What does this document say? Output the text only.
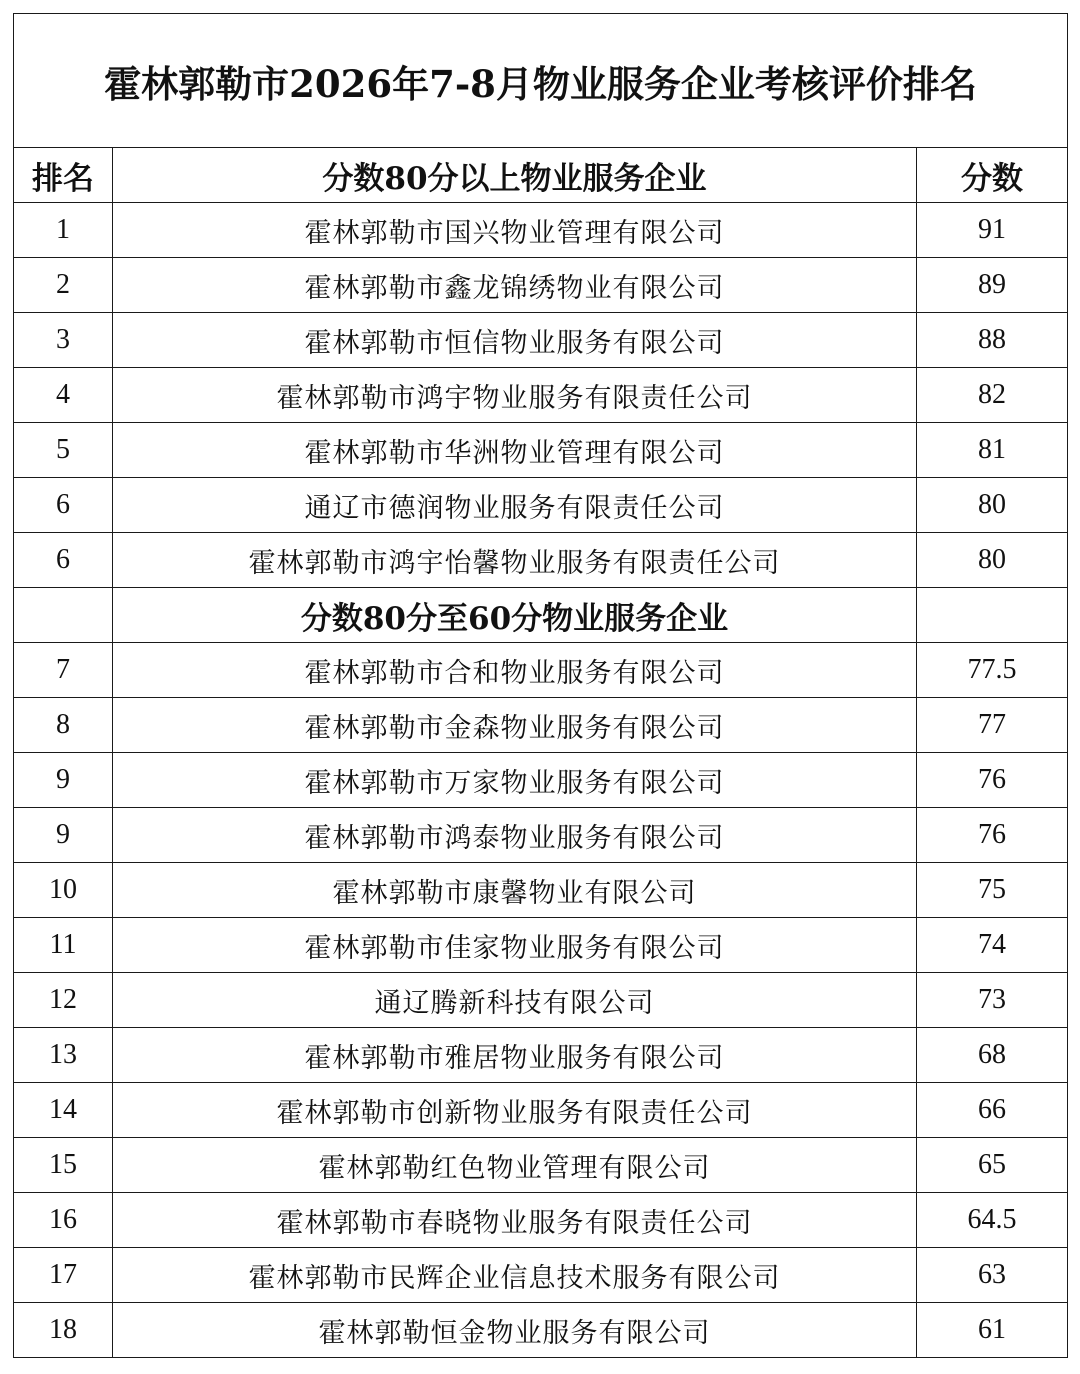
霍林郭勒市2026年7-8月物业服务企业考核评价排名		
排名	分数80分以上物业服务企业	分数
1	霍林郭勒市国兴物业管理有限公司	91
2	霍林郭勒市鑫龙锦绣物业有限公司	89
3	霍林郭勒市恒信物业服务有限公司	88
4	霍林郭勒市鸿宇物业服务有限责任公司	82
5	霍林郭勒市华洲物业管理有限公司	81
6	通辽市德润物业服务有限责任公司	80
6	霍林郭勒市鸿宇怡馨物业服务有限责任公司	80
	分数80分至60分物业服务企业	
7	霍林郭勒市合和物业服务有限公司	77.5
8	霍林郭勒市金森物业服务有限公司	77
9	霍林郭勒市万家物业服务有限公司	76
9	霍林郭勒市鸿泰物业服务有限公司	76
10	霍林郭勒市康馨物业有限公司	75
11	霍林郭勒市佳家物业服务有限公司	74
12	通辽腾新科技有限公司	73
13	霍林郭勒市雅居物业服务有限公司	68
14	霍林郭勒市创新物业服务有限责任公司	66
15	霍林郭勒红色物业管理有限公司	65
16	霍林郭勒市春晓物业服务有限责任公司	64.5
17	霍林郭勒市民辉企业信息技术服务有限公司	63
18	霍林郭勒恒金物业服务有限公司	61
